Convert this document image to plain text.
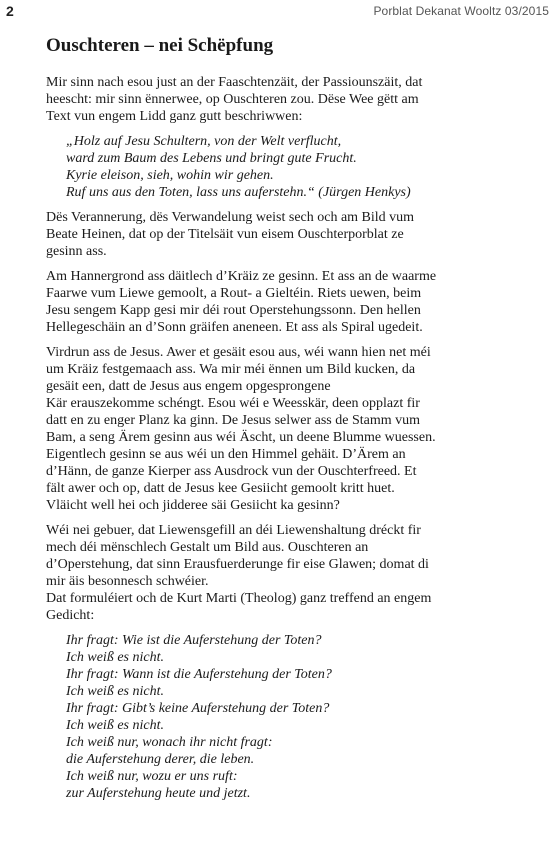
2	Porblat Dekanat Wooltz 03/2015
Ouschteren – nei Schëpfung

Mir sinn nach esou just an der Faaschtenzäit, der Passiounszäit, dat
heescht: mir sinn ënnerwee, op Ouschteren zou. Dëse Wee gëtt am
Text vun engem Lidd ganz gutt beschriwwen:

„Holz auf Jesu Schultern, von der Welt verflucht,
ward zum Baum des Lebens und bringt gute Frucht.
Kyrie eleison, sieh, wohin wir gehen.
Ruf uns aus den Toten, lass uns auferstehn.“ (Jürgen Henkys)

Dës Verannerung, dës Verwandelung weist sech och am Bild vum
Beate Heinen, dat op der Titelsäit vun eisem Ouschterporblat ze
gesinn ass.

Am Hannergrond ass däitlech d’Kräiz ze gesinn. Et ass an de waarme
Faarwe vum Liewe gemoolt, a Rout- a Gieltéin. Riets uewen, beim
Jesu sengem Kapp gesi mir déi rout Operstehungssonn. Den hellen
Hellegeschäin an d’Sonn gräifen aneneen. Et ass als Spiral ugedeit.

Virdrun ass de Jesus. Awer et gesäit esou aus, wéi wann hien net méi
um Kräiz festgemaach ass. Wa mir méi ënnen um Bild kucken, da
gesäit een, datt de Jesus aus engem opgesprongene
Kär erauszekomme schéngt. Esou wéi e Weesskär, deen opplazt fir
datt en zu enger Planz ka ginn. De Jesus selwer ass de Stamm vum
Bam, a seng Ärem gesinn aus wéi Äscht, un deene Blumme wuessen.
Eigentlech gesinn se aus wéi un den Himmel gehäit. D’Ärem an
d’Hänn, de ganze Kierper ass Ausdrock vun der Ouschterfreed. Et
fält awer och op, datt de Jesus kee Gesiicht gemoolt kritt huet.
Vläicht well hei och jidderee säi Gesiicht ka gesinn?

Wéi nei gebuer, dat Liewensgefill an déi Liewenshaltung dréckt fir
mech déi mënschlech Gestalt um Bild aus. Ouschteren an
d’Operstehung, dat sinn Erausfuerderunge fir eise Glawen; domat di
mir äis besonnesch schwéier.

Dat formuléiert och de Kurt Marti (Theolog) ganz treffend an engem
Gedicht:

Ihr fragt: Wie ist die Auferstehung der Toten?
Ich weiß es nicht.
Ihr fragt: Wann ist die Auferstehung der Toten?
Ich weiß es nicht.
Ihr fragt: Gibt’s keine Auferstehung der Toten?
Ich weiß es nicht.
Ich weiß nur, wonach ihr nicht fragt:
die Auferstehung derer, die leben.
Ich weiß nur, wozu er uns ruft:
zur Auferstehung heute und jetzt.
